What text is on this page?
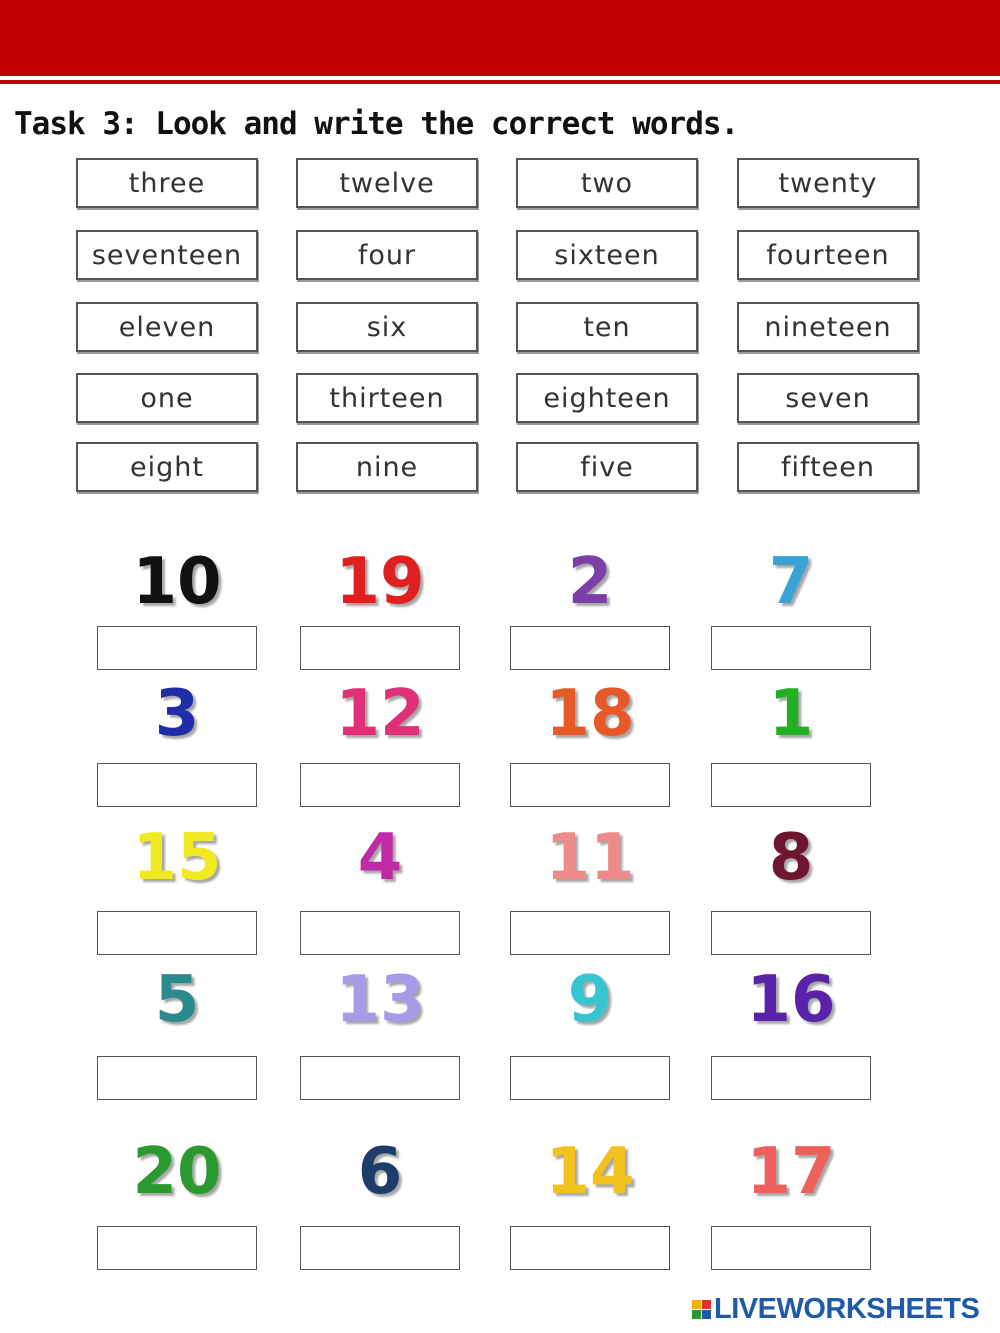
Task 3: Look and write the correct words.
three	twelve	two	twenty
seventeen	four	sixteen	fourteen
eleven	six	ten	nineteen
one	thirteen	eighteen	seven
eight	nine	five	fifteen
10	19	2	7
3	12	18	1
15	4	11	8
5	13	9	16
20	6	14	17
LIVEWORKSHEETS
